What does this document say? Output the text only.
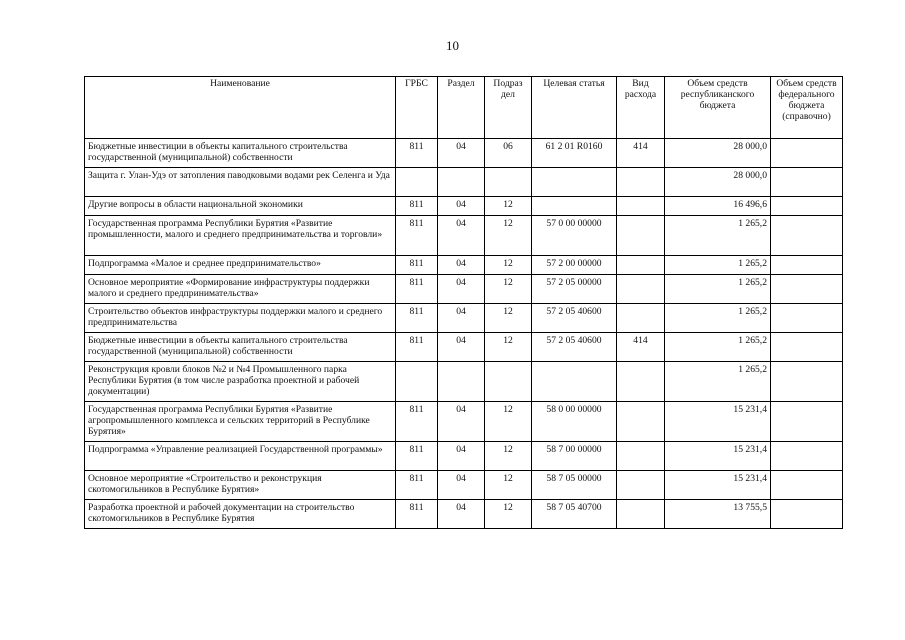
10
Наименование	ГРБС	Раздел	Подраз дел	Целевая статья	Вид расхода	Объем средств республиканского бюджета	Объем средств федерального бюджета (справочно)
Бюджетные инвестиции в объекты капитального строительства государственной (муниципальной) собственности	811	04	06	61 2 01 R0160	414	28 000,0	
Защита г. Улан-Удэ от затопления паводковыми водами рек Селенга и Уда						28 000,0	
Другие вопросы в области национальной экономики	811	04	12			16 496,6	
Государственная программа Республики Бурятия «Развитие промышленности, малого и среднего предпринимательства и торговли»	811	04	12	57 0 00 00000		1 265,2	
Подпрограмма «Малое и среднее предпринимательство»	811	04	12	57 2 00 00000		1 265,2	
Основное мероприятие «Формирование инфраструктуры поддержки малого и среднего предпринимательства»	811	04	12	57 2 05 00000		1 265,2	
Строительство объектов инфраструктуры поддержки малого и среднего предпринимательства	811	04	12	57 2 05 40600		1 265,2	
Бюджетные инвестиции в объекты капитального строительства государственной (муниципальной) собственности	811	04	12	57 2 05 40600	414	1 265,2	
Реконструкция кровли блоков №2 и №4 Промышленного парка Республики Бурятия (в том числе разработка проектной и рабочей документации)						1 265,2	
Государственная программа Республики Бурятия «Развитие агропромышленного комплекса и сельских территорий в Республике Бурятия»	811	04	12	58 0 00 00000		15 231,4	
Подпрограмма «Управление реализацией Государственной программы»	811	04	12	58 7 00 00000		15 231,4	
Основное мероприятие «Строительство и реконструкция скотомогильников в Республике Бурятия»	811	04	12	58 7 05 00000		15 231,4	
Разработка проектной и рабочей документации на строительство скотомогильников в Республике Бурятия	811	04	12	58 7 05 40700		13 755,5	
